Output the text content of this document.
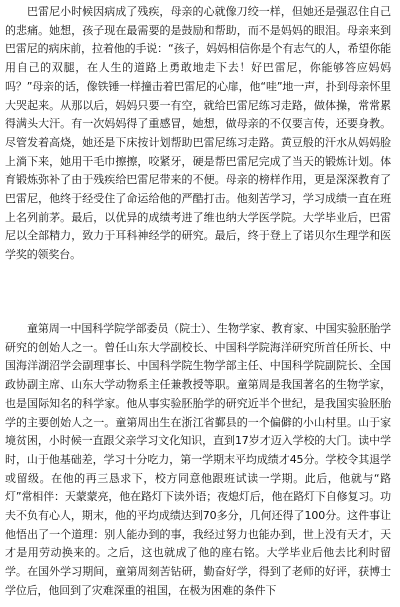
巴雷尼小时候因病成了残疾，母亲的心就像刀绞一样，但她还是强忍住自己的悲痛。她想，孩子现在最需要的是鼓励和帮助，而不是妈妈的眼泪。母亲来到巴雷尼的病床前，拉着他的手说：“孩子，妈妈相信你是个有志气的人，希望你能用自己的双腿，在人生的道路上勇敢地走下去！好巴雷尼，你能够答应妈妈吗？”母亲的话，像铁锤一样撞击着巴雷尼的心扉，他“哇”地一声，扑到母亲怀里大哭起来。从那以后，妈妈只要一有空，就给巴雷尼练习走路，做体操，常常累得满头大汗。有一次妈妈得了重感冒，她想，做母亲的不仅要言传，还要身教。尽管发着高烧，她还是下床按计划帮助巴雷尼练习走路。黄豆般的汗水从妈妈脸上淌下来，她用干毛巾擦擦，咬紧牙，硬是帮巴雷尼完成了当天的锻炼计划。体育锻炼弥补了由于残疾给巴雷尼带来的不便。母亲的榜样作用，更是深深教育了巴雷尼，他终于经受住了命运给他的严酷打击。他刻苦学习，学习成绩一直在班上名列前茅。最后，以优异的成绩考进了维也纳大学医学院。大学毕业后，巴雷尼以全部精力，致力于耳科神经学的研究。最后，终于登上了诺贝尔生理学和医学奖的领奖台。

童第周一中国科学院学部委员（院士）、生物学家、教育家、中国实验胚胎学研究的创始人之一。曾任山东大学副校长、中国科学院海洋研究所首任所长、中国海洋湖沼学会副理事长、中国科学院生物学部主任、中国科学院副院长、全国政协副主席、山东大学动物系主任兼教授等职。童第周是我国著名的生物学家，也是国际知名的科学家。他从事实验胚胎学的研究近半个世纪，是我国实验胚胎学的主要创始人之一。童第周出生在浙江省鄞县的一个偏僻的小山村里。山于家境贫困，小时候一直跟父亲学习文化知识，直到17岁才迈入学校的大门。读中学时，山于他基础差，学习十分吃力，第一学期末平均成绩才45分。学校令其退学或留级。在他的再三恳求下，校方同意他跟班试读一学期。此后，他就与“路灯”常相伴：天蒙蒙亮，他在路灯下读外语；夜熄灯后，他在路灯下自修复习。功夫不负有心人，期末，他的平均成绩达到70多分，几何还得了100分。这件事让他悟出了一个道理：别人能办到的事，我经过努力也能办到，世上没有天才，天才是用劳动换来的。之后，这也就成了他的座右铭。大学毕业后他去比利时留学。在国外学习期间，童第周刻苦钻研，勤奋好学，得到了老师的好评，获博士学位后，他回到了灾难深重的祖国，在极为困难的条件下
